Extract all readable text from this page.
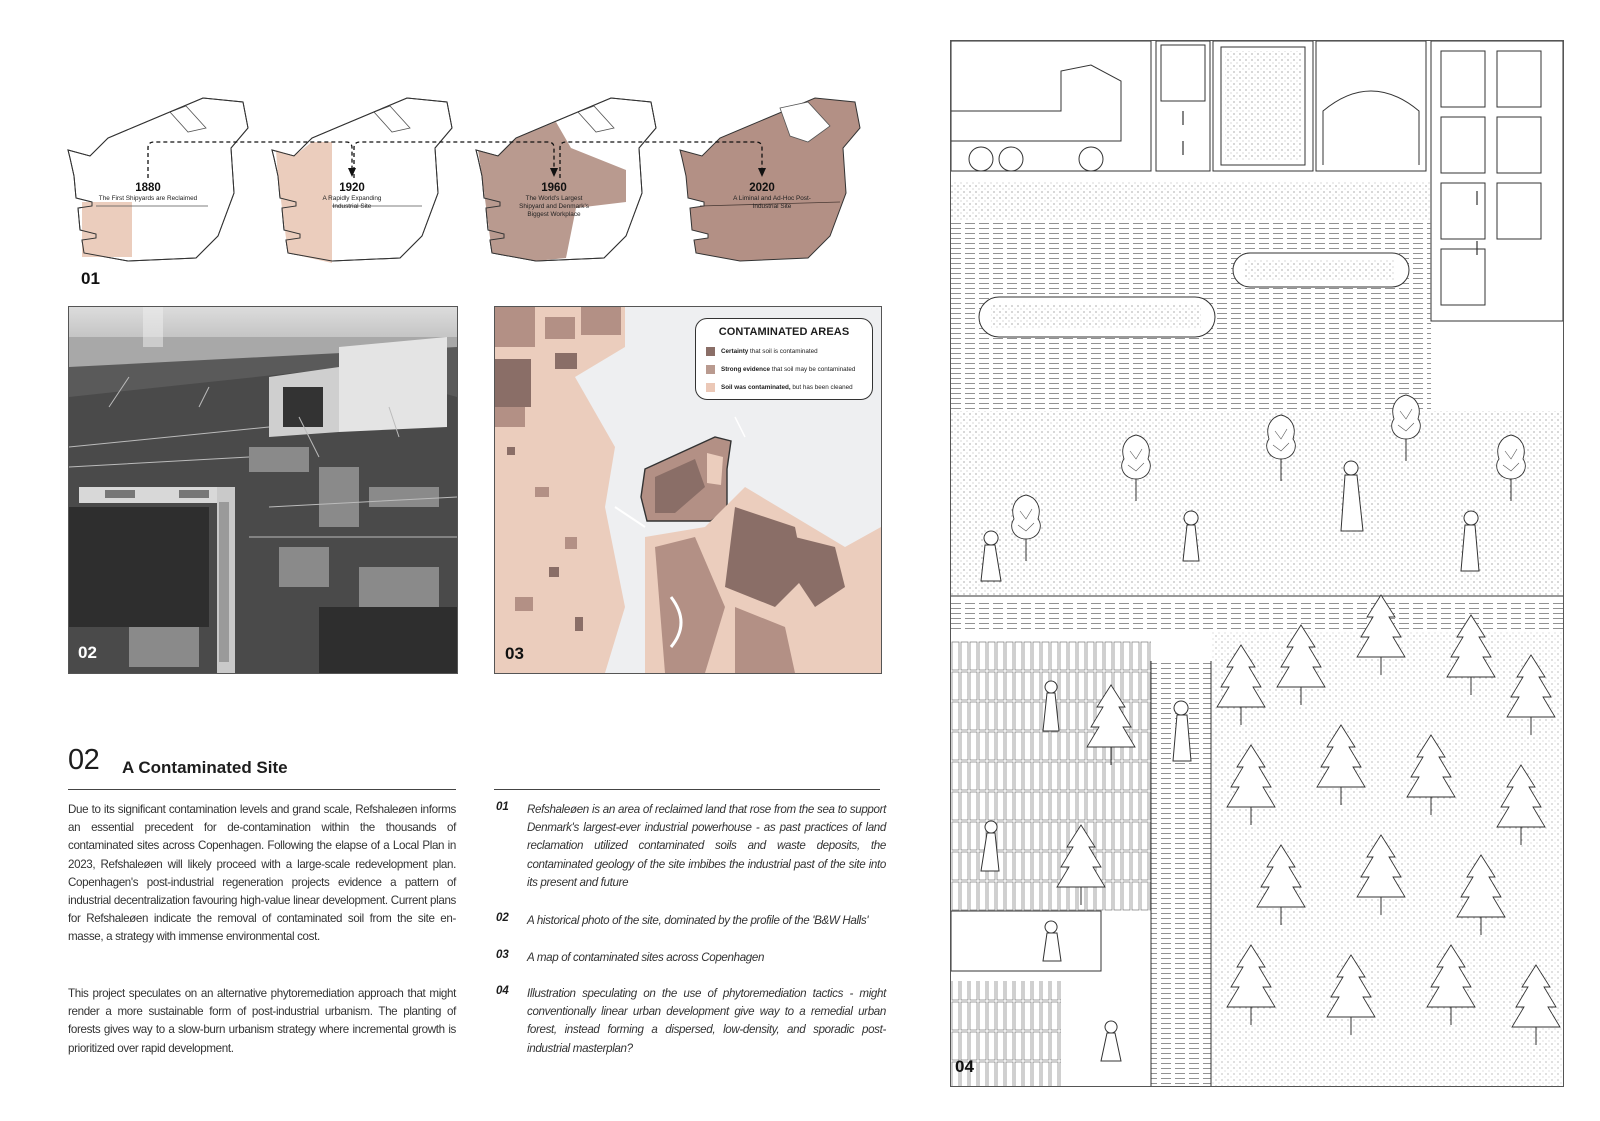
1880
The First Shipyards are Reclaimed
1920
A Rapidly Expanding Industrial Site
1960
The World's Largest Shipyard and Denmark's Biggest Workplace
2020
A Liminal and Ad-Hoc Post-Industrial Site
01
02
CONTAMINATED AREAS
Certainty that soil is contaminated
Strong evidence that soil may be contaminated
Soil was contaminated, but has been cleaned
03
04
02 A Contaminated Site
Due to its significant contamination levels and grand scale, Refshaleøen informs an essential precedent for de-contamination within the thousands of contaminated sites across Copenhagen. Following the elapse of a Local Plan in 2023, Refshaleøen will likely proceed with a large-scale redevelopment plan. Copenhagen's post-industrial regeneration projects evidence a pattern of industrial decentralization favouring high-value linear development. Current plans for Refshaleøen indicate the removal of contaminated soil from the site en-masse, a strategy with immense environmental cost.
This project speculates on an alternative phytoremediation approach that might render a more sustainable form of post-industrial urbanism. The planting of forests gives way to a slow-burn urbanism strategy where incremental growth is prioritized over rapid development.
01 Refshaleøen is an area of reclaimed land that rose from the sea to support Denmark's largest-ever industrial powerhouse - as past practices of land reclamation utilized contaminated soils and waste deposits, the contaminated geology of the site imbibes the industrial past of the site into its present and future
02 A historical photo of the site, dominated by the profile of the 'B&W Halls'
03 A map of contaminated sites across Copenhagen
04 Illustration speculating on the use of phytoremediation tactics - might conventionally linear urban development give way to a remedial urban forest, instead forming a dispersed, low-density, and sporadic post-industrial masterplan?
